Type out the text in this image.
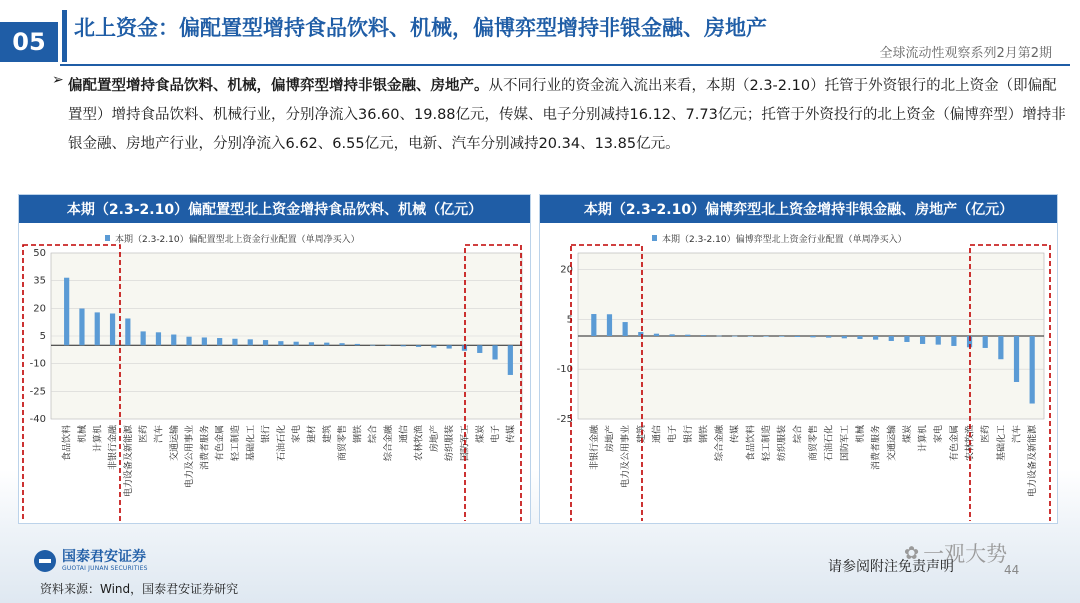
05	北上资金：偏配置型增持食品饮料、机械，偏博弈型增持非银金融、房地产
全球流动性观察系列2月第2期
➢ 偏配置型增持食品饮料、机械，偏博弈型增持非银金融、房地产。从不同行业的资金流入流出来看，本期（2.3-2.10）托管于外资银行的北上资金（即偏配置型）增持食品饮料、机械行业，分别净流入36.60、19.88亿元，传媒、电子分别减持16.12、7.73亿元；托管于外资投行的北上资金（偏博弈型）增持非银金融、房地产行业，分别净流入6.62、6.55亿元，电新、汽车分别减持20.34、13.85亿元。
本期（2.3-2.10）偏配置型北上资金增持食品饮料、机械（亿元）
本期（2.3-2.10）偏配置型北上资金行业配置（单周净买入）
50
35
20
5
-10
-25
-40
食品饮料 机械 计算机 非银行金融 电力设备及新能源 医药 汽车 交通运输 电力及公用事业 消费者服务 有色金属 轻工制造 基础化工 银行 石油石化 家电 建材 建筑 商贸零售 钢铁 综合 综合金融 通信 农林牧渔 房地产 纺织服装 国防军工 煤炭 电子 传媒
本期（2.3-2.10）偏博弈型北上资金增持非银金融、房地产（亿元）
本期（2.3-2.10）偏博弈型北上资金行业配置（单周净买入）
20
5
-10
-25
非银行金融 房地产 电力及公用事业 建筑 通信 电子 银行 钢铁 综合金融 传媒 食品饮料 轻工制造 纺织服装 综合 商贸零售 石油石化 国防军工 机械 消费者服务 交通运输 煤炭 计算机 家电 有色金属 农林牧渔 医药 基础化工 汽车 电力设备及新能源
国泰君安证券
GUOTAI JUNAN SECURITIES
资料来源：Wind，国泰君安证券研究
✿ 一观大势
请参阅附注免责声明	44
